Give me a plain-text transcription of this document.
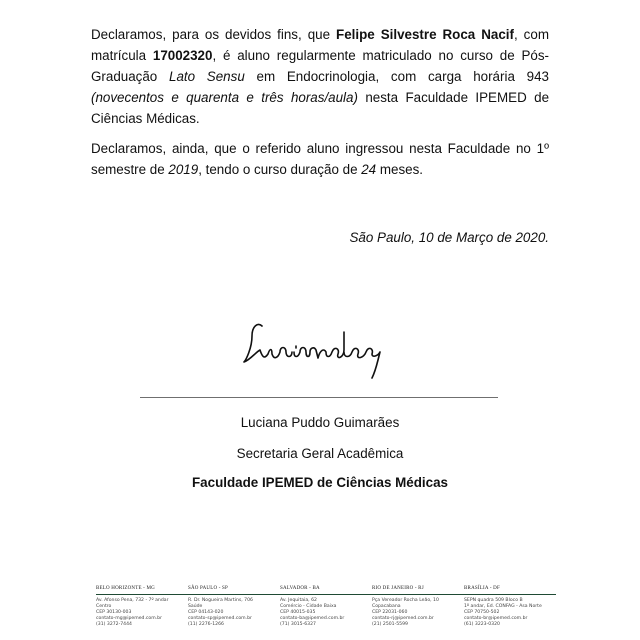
Declaramos, para os devidos fins, que Felipe Silvestre Roca Nacif, com matrícula 17002320, é aluno regularmente matriculado no curso de Pós-Graduação Lato Sensu em Endocrinologia, com carga horária 943 (novecentos e quarenta e três horas/aula) nesta Faculdade IPEMED de Ciências Médicas.

Declaramos, ainda, que o referido aluno ingressou nesta Faculdade no 1º semestre de 2019, tendo o curso duração de 24 meses.

São Paulo, 10 de Março de 2020.
Luciana Puddo Guimarães
Secretaria Geral Acadêmica
Faculdade IPEMED de Ciências Médicas
BELO HORIZONTE - MG
Av. Afonso Pena, 732 - 7º andar
Centro
CEP 30130-003
contato-mg@ipemed.com.br
(31) 3272-7444
SÃO PAULO - SP
R. Dr. Nogueira Martins, 706
Saúde
CEP 04143-020
contato-sp@ipemed.com.br
(11) 2276-1266
SALVADOR - BA
Av. Jequitaia, 62
Comércio - Cidade Baixa
CEP 40015-035
contato-ba@ipemed.com.br
(71) 3015-6327
RIO DE JANEIRO - RJ
Pça Vereador Rocha Leão, 10
Copacabana
CEP 22031-060
contato-rj@ipemed.com.br
(21) 2501-5599
BRASÍLIA - DF
SEPN quadra 509 Bloco B
1º andar, Ed. CONFAG - Asa Norte
CEP 70750-502
contato-br@ipemed.com.br
(61) 3223-0320
